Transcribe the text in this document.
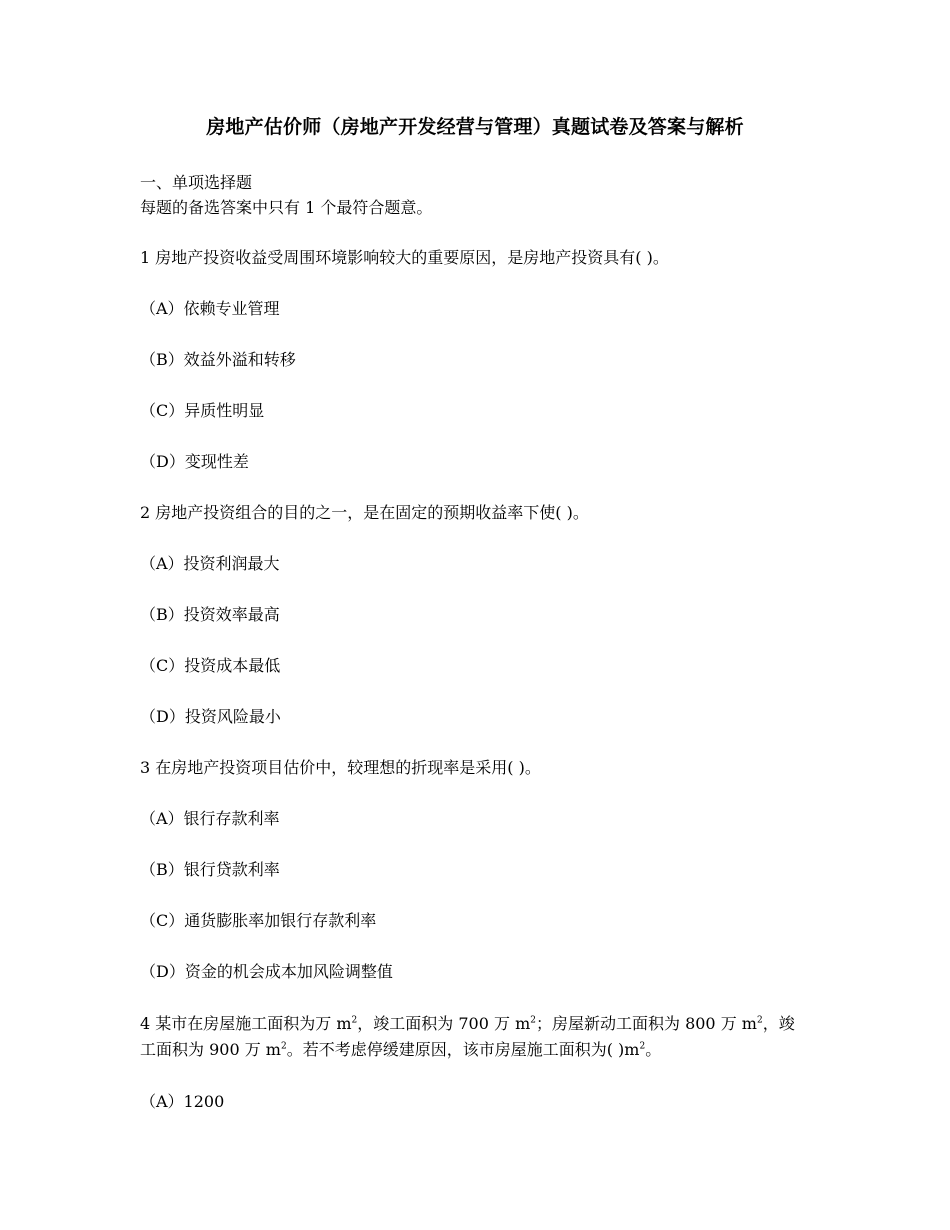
房地产估价师（房地产开发经营与管理）真题试卷及答案与解析
一、单项选择题
每题的备选答案中只有 1 个最符合题意。
1 房地产投资收益受周围环境影响较大的重要原因，是房地产投资具有( )。
（A）依赖专业管理
（B）效益外溢和转移
（C）异质性明显
（D）变现性差
2 房地产投资组合的目的之一，是在固定的预期收益率下使( )。
（A）投资利润最大
（B）投资效率最高
（C）投资成本最低
（D）投资风险最小
3 在房地产投资项目估价中，较理想的折现率是采用( )。
（A）银行存款利率
（B）银行贷款利率
（C）通货膨胀率加银行存款利率
（D）资金的机会成本加风险调整值
4 某市在房屋施工面积为万 $m^2$，竣工面积为 700 万 $m^2$；房屋新动工面积为 800 万 $m^2$，竣工面积为 900 万 $m^2$。若不考虑停缓建原因，该市房屋施工面积为( )$m^2$。
（A）1200
